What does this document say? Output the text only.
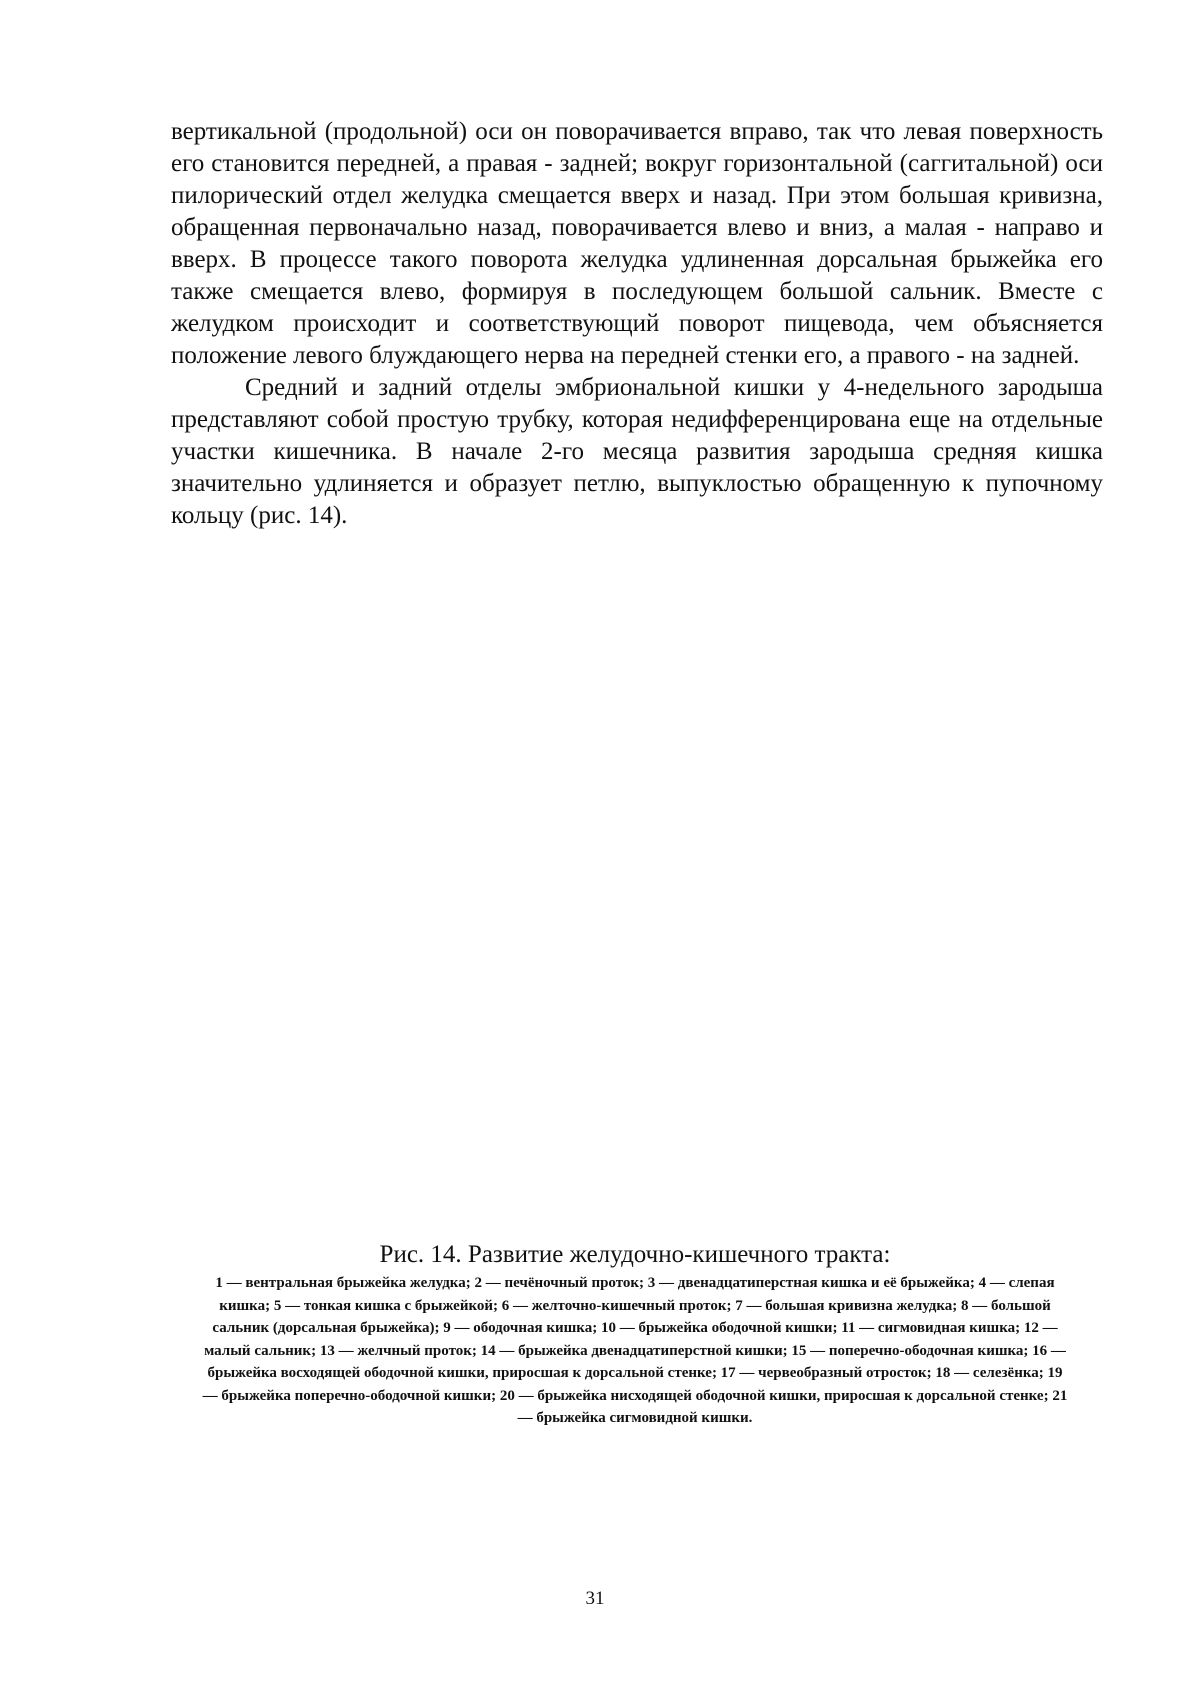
вертикальной (продольной) оси он поворачивается вправо, так что левая поверхность его становится передней, а правая - задней; вокруг горизонтальной (саггитальной) оси пилорический отдел желудка смещается вверх и назад. При этом большая кривизна, обращенная первоначально назад, поворачивается влево и вниз, а малая - направо и вверх. В процессе такого поворота желудка удлиненная дорсальная брыжейка его также смещается влево, формируя в последующем большой сальник. Вместе с желудком происходит и соответствующий поворот пищевода, чем объясняется положение левого блуждающего нерва на передней стенки его, а правого - на задней.

Средний и задний отделы эмбриональной кишки у 4-недельного зародыша представляют собой простую трубку, которая недифференцирована еще на отдельные участки кишечника. В начале 2-го месяца развития зародыша средняя кишка значительно удлиняется и образует петлю, выпуклостью обращенную к пупочному кольцу (рис. 14).

Рис. 14. Развитие желудочно-кишечного тракта:

1 — вентральная брыжейка желудка; 2 — печёночный проток; 3 — двенадцатиперстная кишка и её брыжейка; 4 — слепая кишка; 5 — тонкая кишка с брыжейкой; 6 — желточно-кишечный проток; 7 — большая кривизна желудка; 8 — большой сальник (дорсальная брыжейка); 9 — ободочная кишка; 10 — брыжейка ободочной кишки; 11 — сигмовидная кишка; 12 — малый сальник; 13 — желчный проток; 14 — брыжейка двенадцатиперстной кишки; 15 — поперечно-ободочная кишка; 16 — брыжейка восходящей ободочной кишки, приросшая к дорсальной стенке; 17 — червеобразный отросток; 18 — селезёнка; 19 — брыжейка поперечно-ободочной кишки; 20 — брыжейка нисходящей ободочной кишки, приросшая к дорсальной стенке; 21 — брыжейка сигмовидной кишки.

31
